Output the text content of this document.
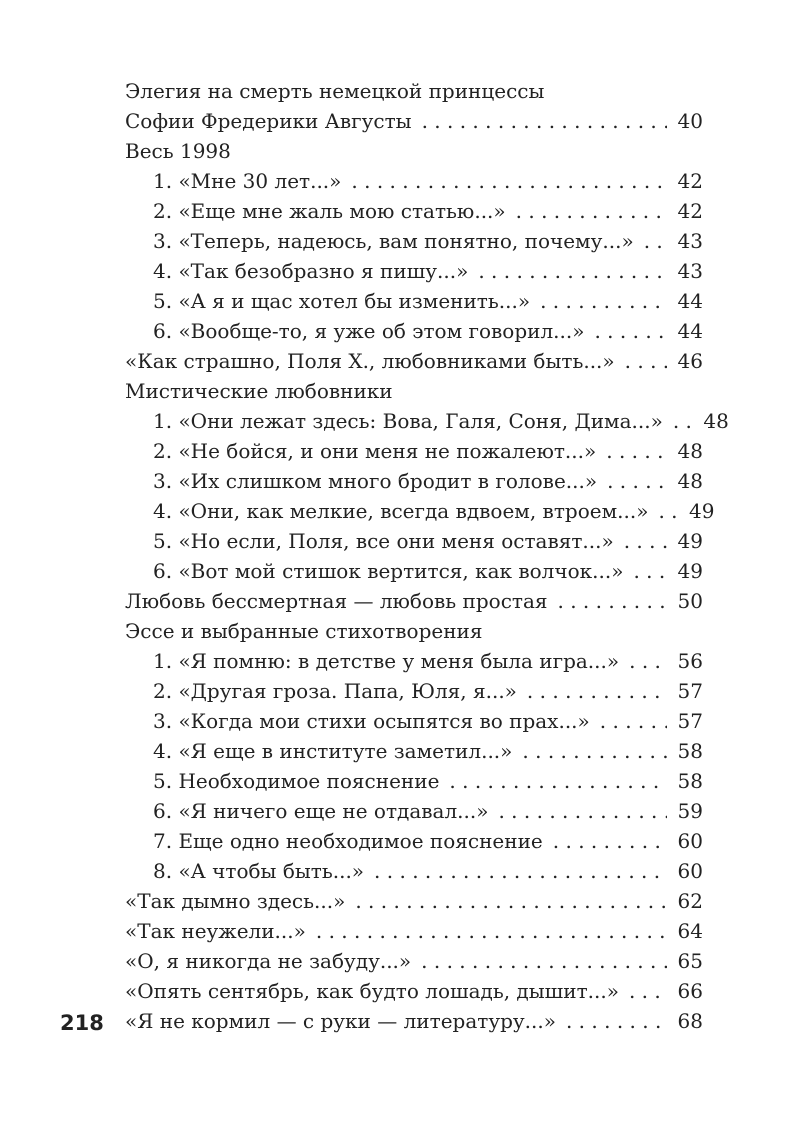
Элегия на смерть немецкой принцессы
Софии Фредерики Августы . . .	40
Весь 1998
1. «Мне 30 лет...» . . .	42
2. «Еще мне жаль мою статью...» . . .	42
3. «Теперь, надеюсь, вам понятно, почему...» . . . 43
4. «Так безобразно я пишу...» . . .	43
5. «А я и щас хотел бы изменить...» . . .	44
6. «Вообще-то, я уже об этом говорил...» . . .	44
«Как страшно, Поля Х., любовниками быть...» . . .	46
Мистические любовники
1. «Они лежат здесь: Вова, Галя, Соня, Дима...» . . . 48
2. «Не бойся, и они меня не пожалеют...» . . .	48
3. «Их слишком много бродит в голове...» . . .	48
4. «Они, как мелкие, всегда вдвоем, втроем...» . . . 49
5. «Но если, Поля, все они меня оставят...» . . .	49
6. «Вот мой стишок вертится, как волчок...» . . .	49
Любовь бессмертная — любовь простая . . .	50
Эссе и выбранные стихотворения
1. «Я помню: в детстве у меня была игра...» . . .	56
2. «Другая гроза. Папа, Юля, я...» . . .	57
3. «Когда мои стихи осыпятся во прах...» . . .	57
4. «Я еще в институте заметил...» . . .	58
5. Необходимое пояснение . . .	58
6. «Я ничего еще не отдавал...» . . .	59
7. Еще одно необходимое пояснение . . .	60
8. «А чтобы быть...» . . .	60
«Так дымно здесь...» . . .	62
«Так неужели...» . . .	64
«О, я никогда не забуду...» . . .	65
«Опять сентябрь, как будто лошадь, дышит...» . . .	66
«Я не кормил — с руки — литературу...» . . .	68
218
